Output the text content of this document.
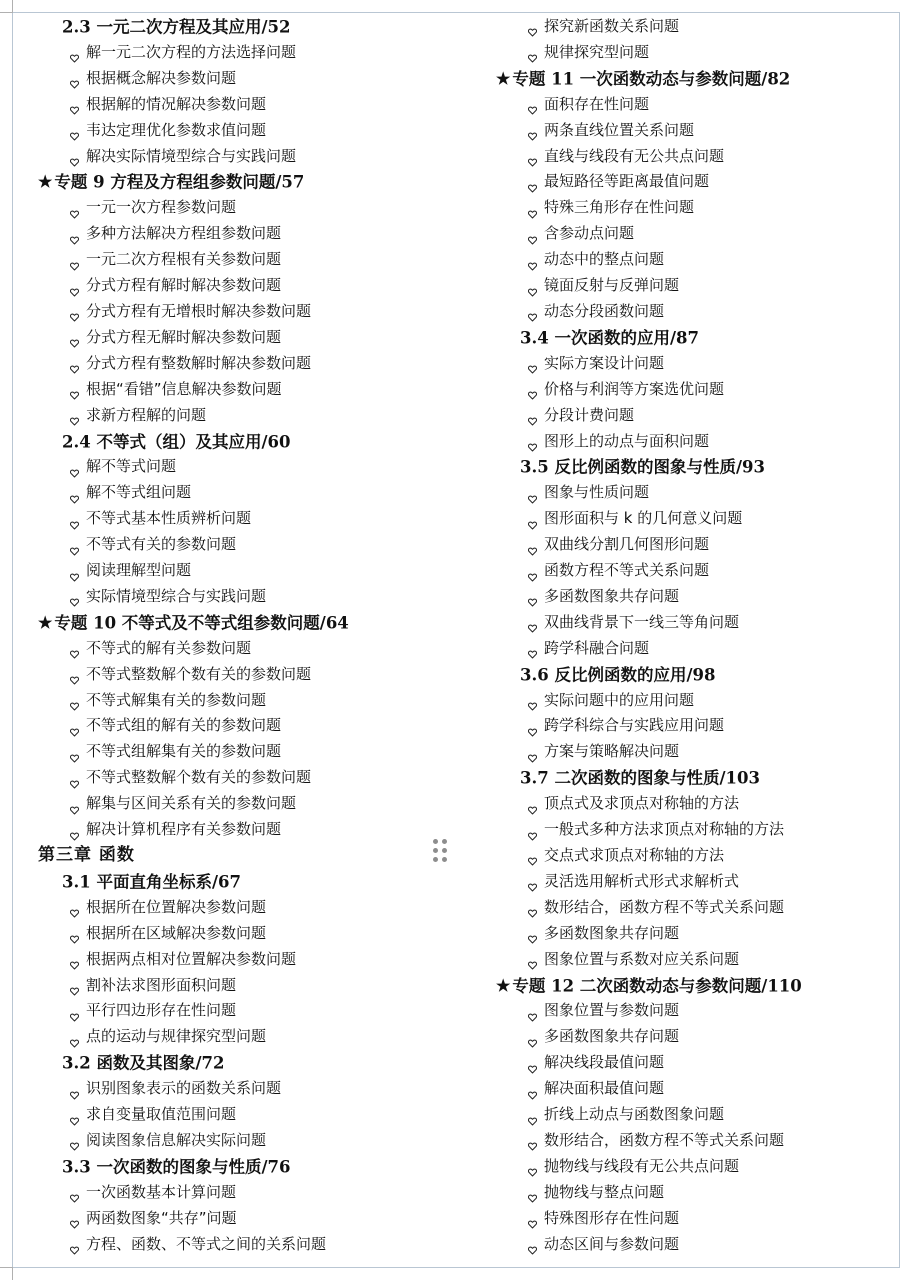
2.3 一元二次方程及其应用/52
解一元二次方程的方法选择问题
根据概念解决参数问题
根据解的情况解决参数问题
韦达定理优化参数求值问题
解决实际情境型综合与实践问题
★ 专题 9 方程及方程组参数问题/57
一元一次方程参数问题
多种方法解决方程组参数问题
一元二次方程根有关参数问题
分式方程有解时解决参数问题
分式方程有无增根时解决参数问题
分式方程无解时解决参数问题
分式方程有整数解时解决参数问题
根据“看错”信息解决参数问题
求新方程解的问题
2.4 不等式（组）及其应用/60
解不等式问题
解不等式组问题
不等式基本性质辨析问题
不等式有关的参数问题
阅读理解型问题
实际情境型综合与实践问题
★ 专题 10 不等式及不等式组参数问题/64
不等式的解有关参数问题
不等式整数解个数有关的参数问题
不等式解集有关的参数问题
不等式组的解有关的参数问题
不等式组解集有关的参数问题
不等式整数解个数有关的参数问题
解集与区间关系有关的参数问题
解决计算机程序有关参数问题
第三章 函数
3.1 平面直角坐标系/67
根据所在位置解决参数问题
根据所在区域解决参数问题
根据两点相对位置解决参数问题
割补法求图形面积问题
平行四边形存在性问题
点的运动与规律探究型问题
3.2 函数及其图象/72
识别图象表示的函数关系问题
求自变量取值范围问题
阅读图象信息解决实际问题
3.3 一次函数的图象与性质/76
一次函数基本计算问题
两函数图象“共存”问题
方程、函数、不等式之间的关系问题
探究新函数关系问题
规律探究型问题
★ 专题 11 一次函数动态与参数问题/82
面积存在性问题
两条直线位置关系问题
直线与线段有无公共点问题
最短路径等距离最值问题
特殊三角形存在性问题
含参动点问题
动态中的整点问题
镜面反射与反弹问题
动态分段函数问题
3.4 一次函数的应用/87
实际方案设计问题
价格与利润等方案选优问题
分段计费问题
图形上的动点与面积问题
3.5 反比例函数的图象与性质/93
图象与性质问题
图形面积与 k 的几何意义问题
双曲线分割几何图形问题
函数方程不等式关系问题
多函数图象共存问题
双曲线背景下一线三等角问题
跨学科融合问题
3.6 反比例函数的应用/98
实际问题中的应用问题
跨学科综合与实践应用问题
方案与策略解决问题
3.7 二次函数的图象与性质/103
顶点式及求顶点对称轴的方法
一般式多种方法求顶点对称轴的方法
交点式求顶点对称轴的方法
灵活选用解析式形式求解析式
数形结合，函数方程不等式关系问题
多函数图象共存问题
图象位置与系数对应关系问题
★ 专题 12 二次函数动态与参数问题/110
图象位置与参数问题
多函数图象共存问题
解决线段最值问题
解决面积最值问题
折线上动点与函数图象问题
数形结合，函数方程不等式关系问题
抛物线与线段有无公共点问题
抛物线与整点问题
特殊图形存在性问题
动态区间与参数问题
